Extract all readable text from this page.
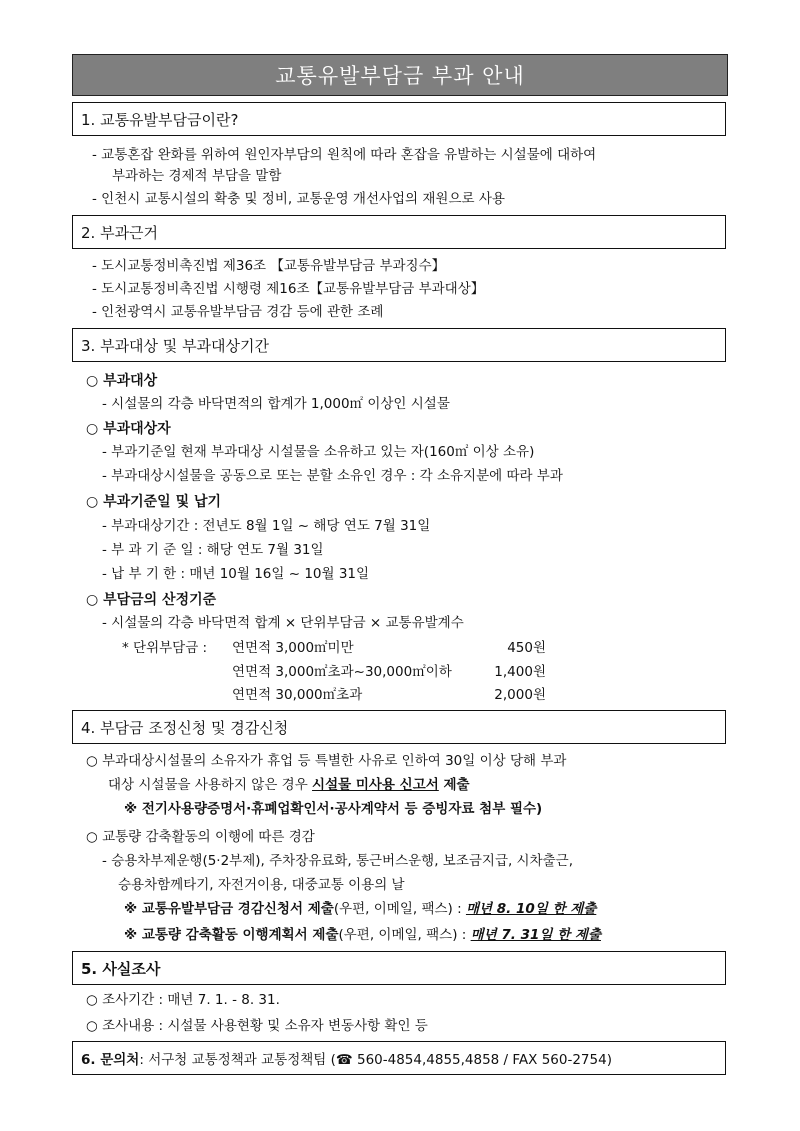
교통유발부담금 부과 안내
1. 교통유발부담금이란?
- 교통혼잡 완화를 위하여 원인자부담의 원칙에 따라 혼잡을 유발하는 시설물에 대하여
부과하는 경제적 부담을 말함
- 인천시 교통시설의 확충 및 정비, 교통운영 개선사업의 재원으로 사용
2. 부과근거
- 도시교통정비촉진법 제36조 【교통유발부담금 부과징수】
- 도시교통정비촉진법 시행령 제16조【교통유발부담금 부과대상】
- 인천광역시 교통유발부담금 경감 등에 관한 조례
3. 부과대상 및 부과대상기간
○ 부과대상
- 시설물의 각층 바닥면적의 합계가 1,000㎡ 이상인 시설물
○ 부과대상자
- 부과기준일 현재 부과대상 시설물을 소유하고 있는 자(160㎡ 이상 소유)
- 부과대상시설물을 공동으로 또는 분할 소유인 경우 : 각 소유지분에 따라 부과
○ 부과기준일 및 납기
- 부과대상기간 : 전년도 8월 1일 ~ 해당 연도 7월 31일
- 부 과 기 준 일 : 해당 연도 7월 31일
- 납 부 기 한 : 매년 10월 16일 ~ 10월 31일
○ 부담금의 산정기준
- 시설물의 각층 바닥면적 합계 × 단위부담금 × 교통유발계수
* 단위부담금 : 연면적 3,000㎡미만	450원
연면적 3,000㎡초과~30,000㎡이하	1,400원
연면적 30,000㎡초과	2,000원
4. 부담금 조정신청 및 경감신청
○ 부과대상시설물의 소유자가 휴업 등 특별한 사유로 인하여 30일 이상 당해 부과
대상 시설물을 사용하지 않은 경우 시설물 미사용 신고서 제출
※ 전기사용량증명서·휴폐업확인서·공사계약서 등 증빙자료 첨부 필수)
○ 교통량 감축활동의 이행에 따른 경감
- 승용차부제운행(5·2부제), 주차장유료화, 통근버스운행, 보조금지급, 시차출근,
승용차함께타기, 자전거이용, 대중교통 이용의 날
※ 교통유발부담금 경감신청서 제출(우편, 이메일, 팩스) : 매년 8. 10일 한 제출
※ 교통량 감축활동 이행계획서 제출(우편, 이메일, 팩스) : 매년 7. 31일 한 제출
5. 사실조사
○ 조사기간 : 매년 7. 1. - 8. 31.
○ 조사내용 : 시설물 사용현황 및 소유자 변동사항 확인 등
6. 문의처 : 서구청 교통정책과 교통정책팀 (☎ 560-4854,4855,4858 / FAX 560-2754)
